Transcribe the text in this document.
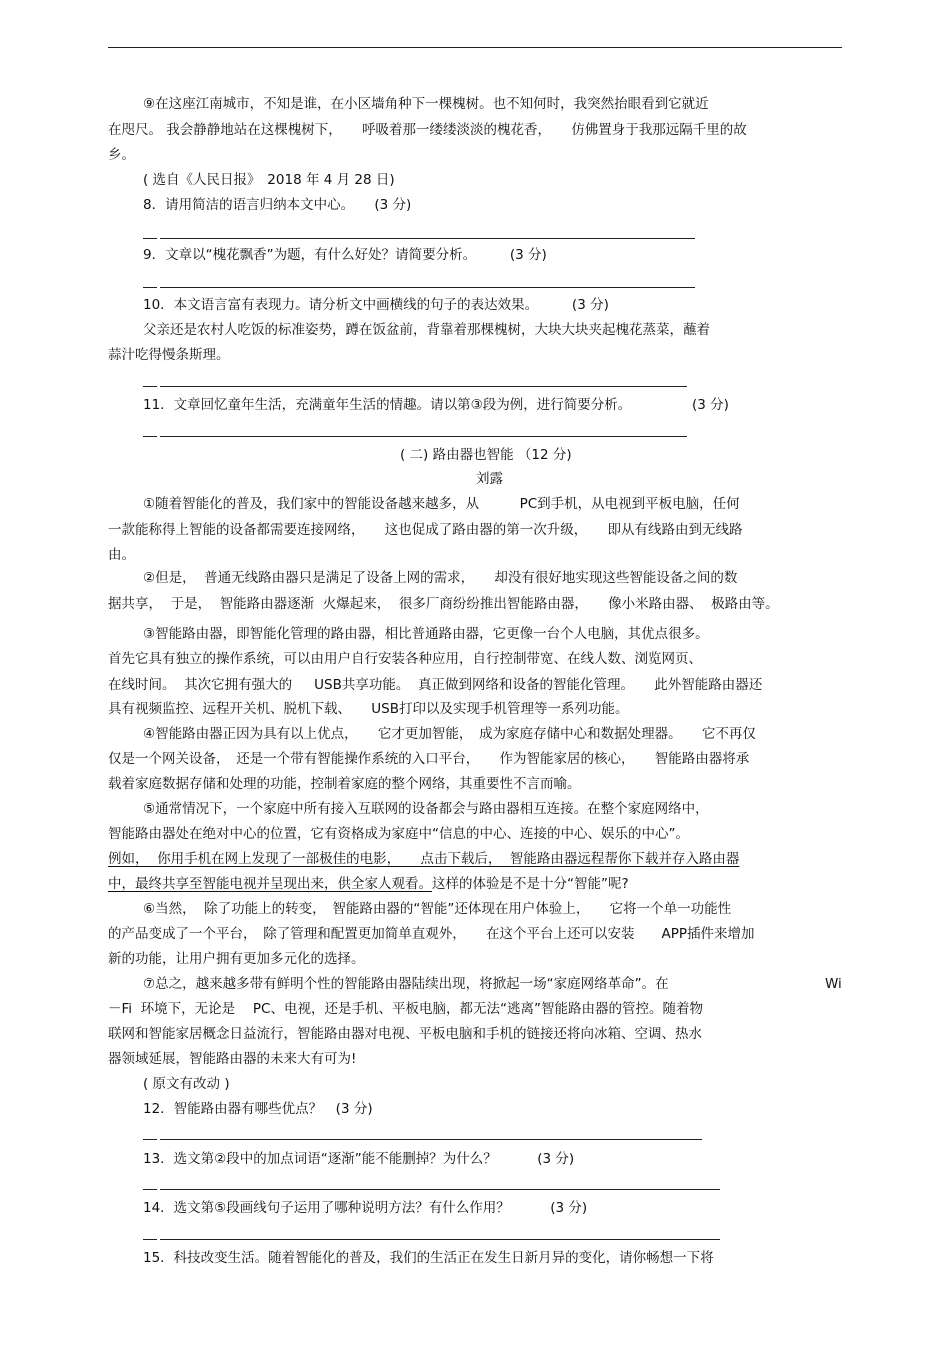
⑨在这座江南城市，不知是谁，在小区墙角种下一棵槐树。也不知何时，我突然抬眼看到它就近
在咫尺。 我会静静地站在这棵槐树下，　　呼吸着那一缕缕淡淡的槐花香，　　仿佛置身于我那远隔千里的故
乡。
( 选自《人民日报》　2018 年 4 月 28 日)
8．请用简洁的语言归纳本文中心。　　(3 分)
9．文章以“槐花飘香”为题，有什么好处？请简要分析。　　　(3 分)
10．本文语言富有表现力。请分析文中画横线的句子的表达效果。　　　(3 分)
父亲还是农村人吃饭的标准姿势，蹲在饭盆前，背靠着那棵槐树，大块大块夹起槐花蒸菜，蘸着
蒜汁吃得慢条斯理。
11．文章回忆童年生活，充满童年生活的情趣。请以第③段为例，进行简要分析。　　　　　(3 分)
( 二) 路由器也智能 （12 分)
刘露
①随着智能化的普及，我们家中的智能设备越来越多，从　　　PC到手机，从电视到平板电脑，任何
一款能称得上智能的设备都需要连接网络，　　这也促成了路由器的第一次升级，　　即从有线路由到无线路
由。
②但是，  普通无线路由器只是满足了设备上网的需求，　　却没有很好地实现这些智能设备之间的数
据共享，  于是，  智能路由器逐渐  火爆起来，  很多厂商纷纷推出智能路由器，　　像小米路由器、  极路由等。
③智能路由器，即智能化管理的路由器，相比普通路由器，它更像一台个人电脑，其优点很多。
首先它具有独立的操作系统，可以由用户自行安装各种应用，自行控制带宽、在线人数、浏览网页、
在线时间。  其次它拥有强大的　  USB共享功能。  真正做到网络和设备的智能化管理。　　此外智能路由器还
具有视频监控、远程开关机、脱机下载、　　USB打印以及实现手机管理等一系列功能。
④智能路由器正因为具有以上优点，　　它才更加智能，　成为家庭存储中心和数据处理器。　　它不再仅
仅是一个网关设备，　还是一个带有智能操作系统的入口平台，　　作为智能家居的核心，　　智能路由器将承
载着家庭数据存储和处理的功能，控制着家庭的整个网络，其重要性不言而喻。
⑤通常情况下，一个家庭中所有接入互联网的设备都会与路由器相互连接。在整个家庭网络中，
智能路由器处在绝对中心的位置，它有资格成为家庭中“信息的中心、连接的中心、娱乐的中心”。
例如，  你用手机在网上发现了一部极佳的电影，　　点击下载后，  智能路由器远程帮你下载并存入路由器
中，最终共享至智能电视并呈现出来，供全家人观看。这样的体验是不是十分“智能”呢?
⑥当然，  除了功能上的转变，　智能路由器的“智能”还体现在用户体验上，　　它将一个单一功能性
的产品变成了一个平台，　除了管理和配置更加简单直观外，　　在这个平台上还可以安装　　APP插件来增加
新的功能，让用户拥有更加多元化的选择。
⑦总之，越来越多带有鲜明个性的智能路由器陆续出现，将掀起一场“家庭网络革命”。在	Wi
－Fi  环境下，无论是　 PC、电视，还是手机、平板电脑，都无法“逃离”智能路由器的管控。随着物
联网和智能家居概念日益流行，智能路由器对电视、平板电脑和手机的链接还将向冰箱、空调、热水
器领域延展，智能路由器的未来大有可为!
( 原文有改动 )
12．智能路由器有哪些优点？　(3 分)
13．选文第②段中的加点词语“逐渐”能不能删掉？为什么？　　　(3 分)
14．选文第⑤段画线句子运用了哪种说明方法？有什么作用？　　　(3 分)
15．科技改变生活。随着智能化的普及，我们的生活正在发生日新月异的变化，请你畅想一下将
